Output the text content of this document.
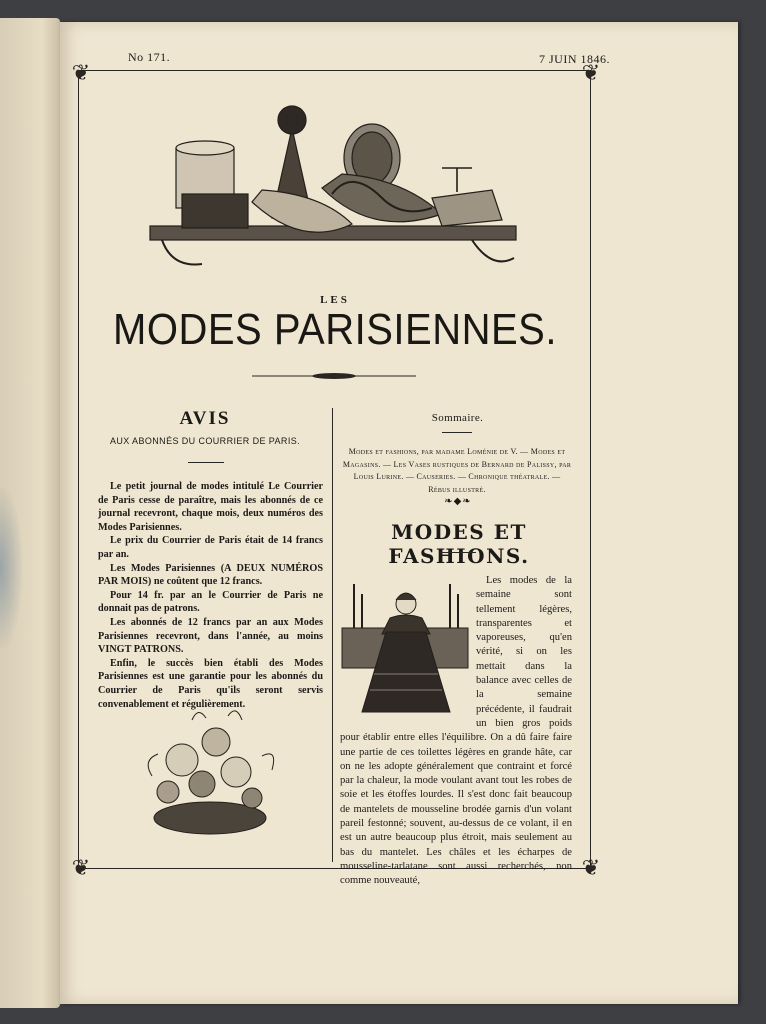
No 171.	7 JUIN 1846.
❦	❦
❦	❦
LES
MODES PARISIENNES.
AVIS
AUX ABONNÉS DU COURRIER DE PARIS.

Le petit journal de modes intitulé Le Courrier de Paris cesse de paraître, mais les abonnés de ce journal recevront, chaque mois, deux numéros des Modes Parisiennes.

Le prix du Courrier de Paris était de 14 francs par an.

Les Modes Parisiennes (A DEUX NUMÉROS PAR MOIS) ne coûtent que 12 francs.

Pour 14 fr. par an le Courrier de Paris ne donnait pas de patrons.

Les abonnés de 12 francs par an aux Modes Parisiennes recevront, dans l'année, au moins VINGT PATRONS.

Enfin, le succès bien établi des Modes Parisiennes est une garantie pour les abonnés du Courrier de Paris qu'ils seront servis convenablement et régulièrement.

Sommaire.
Modes et fashions, par madame Loménie de V. — Modes et Magasins. — Les Vases rustiques de Bernard de Palissy, par Louis Lurine. — Causeries. — Chronique théatrale. — Rébus illustré.
❧◆❧
MODES ET FASHIONS.

Les modes de la semaine sont tellement légères, transparentes et vaporeuses, qu'en vérité, si on les mettait dans la balance avec celles de la semaine précédente, il faudrait un bien gros poids pour établir entre elles l'équilibre. On a dû faire faire une partie de ces toilettes légères en grande hâte, car on ne les adopte généralement que contraint et forcé par la chaleur, la mode voulant avant tout les robes de soie et les étoffes lourdes. Il s'est donc fait beaucoup de mantelets de mousseline brodée garnis d'un volant pareil festonné; souvent, au-dessus de ce volant, il en est un autre beaucoup plus étroit, mais seulement au bas du mantelet. Les châles et les écharpes de mousseline-tarlatane sont aussi recherchés, non comme nouveauté,
